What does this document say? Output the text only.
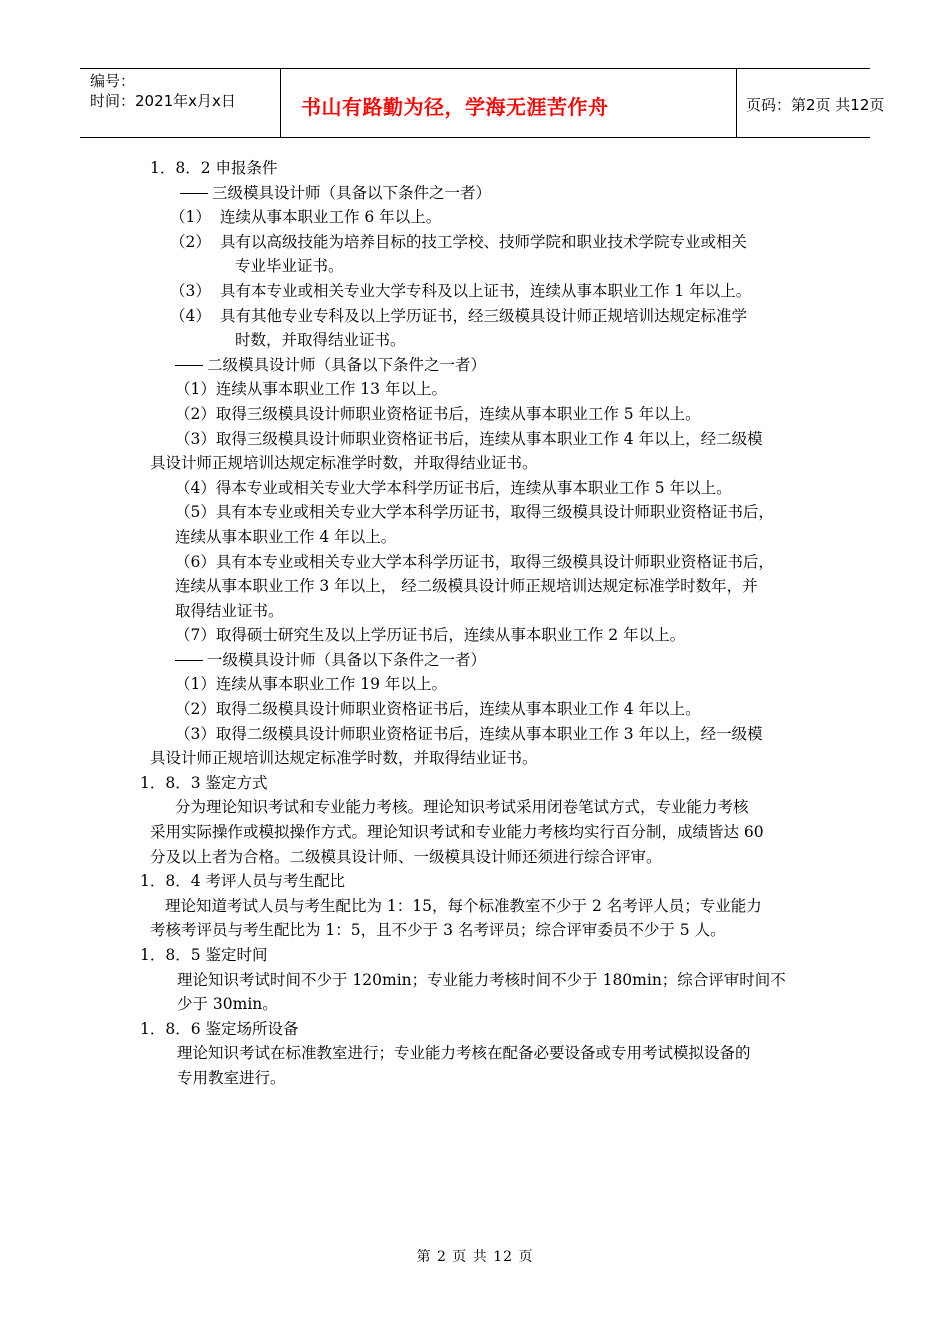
编号：
时间：2021年x月x日	书山有路勤为径，学海无涯苦作舟	页码：第2页 共12页
1．8．2 申报条件
三级模具设计师（具备以下条件之一者）
（1） 连续从事本职业工作 6 年以上。
（2） 具有以高级技能为培养目标的技工学校、技师学院和职业技术学院专业或相关
专业毕业证书。
（3） 具有本专业或相关专业大学专科及以上证书，连续从事本职业工作 1 年以上。
（4） 具有其他专业专科及以上学历证书，经三级模具设计师正规培训达规定标准学
时数，并取得结业证书。
二级模具设计师（具备以下条件之一者）
（1）连续从事本职业工作 13 年以上。
（2）取得三级模具设计师职业资格证书后，连续从事本职业工作 5 年以上。
（3）取得三级模具设计师职业资格证书后，连续从事本职业工作 4 年以上，经二级模
具设计师正规培训达规定标准学时数，并取得结业证书。
（4）得本专业或相关专业大学本科学历证书后，连续从事本职业工作 5 年以上。
（5）具有本专业或相关专业大学本科学历证书，取得三级模具设计师职业资格证书后，
连续从事本职业工作 4 年以上。
（6）具有本专业或相关专业大学本科学历证书，取得三级模具设计师职业资格证书后，
连续从事本职业工作 3 年以上， 经二级模具设计师正规培训达规定标准学时数年，并
取得结业证书。
（7）取得硕士研究生及以上学历证书后，连续从事本职业工作 2 年以上。
一级模具设计师（具备以下条件之一者）
（1）连续从事本职业工作 19 年以上。
（2）取得二级模具设计师职业资格证书后，连续从事本职业工作 4 年以上。
（3）取得二级模具设计师职业资格证书后，连续从事本职业工作 3 年以上，经一级模
具设计师正规培训达规定标准学时数，并取得结业证书。
1．8．3 鉴定方式
分为理论知识考试和专业能力考核。理论知识考试采用闭卷笔试方式，专业能力考核
采用实际操作或模拟操作方式。理论知识考试和专业能力考核均实行百分制，成绩皆达 60
分及以上者为合格。二级模具设计师、一级模具设计师还须进行综合评审。
1．8．4 考评人员与考生配比
理论知道考试人员与考生配比为 1：15，每个标准教室不少于 2 名考评人员；专业能力
考核考评员与考生配比为 1：5，且不少于 3 名考评员；综合评审委员不少于 5 人。
1．8．5 鉴定时间
理论知识考试时间不少于 120min；专业能力考核时间不少于 180min；综合评审时间不
少于 30min。
1．8．6 鉴定场所设备
理论知识考试在标准教室进行；专业能力考核在配备必要设备或专用考试模拟设备的
专用教室进行。
第 2 页 共 12 页
